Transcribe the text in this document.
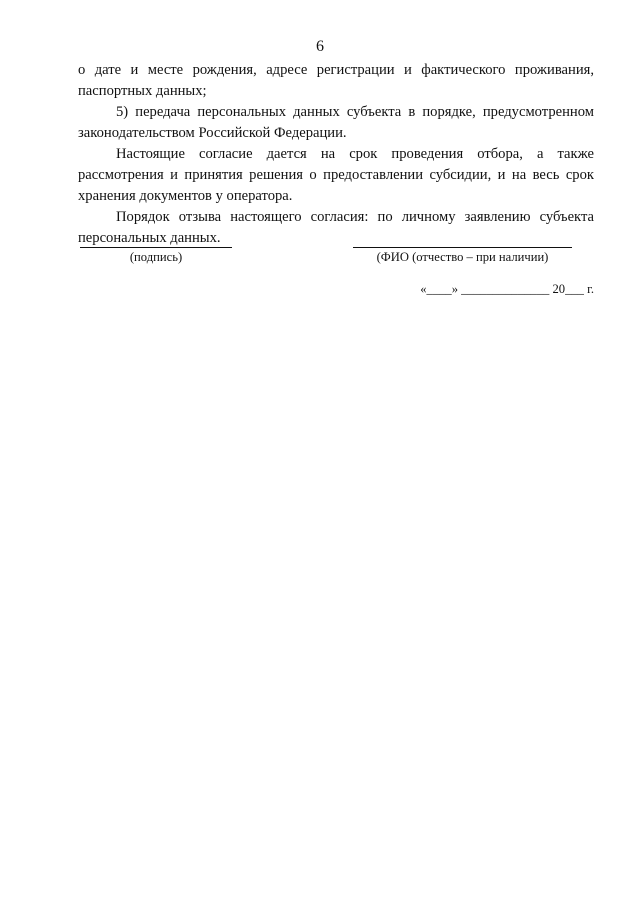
6

о дате и месте рождения, адресе регистрации и фактического проживания, паспортных данных;

5) передача персональных данных субъекта в порядке, предусмотренном законодательством Российской Федерации.

Настоящие согласие дается на срок проведения отбора, а также рассмотрения и принятия решения о предоставлении субсидии, и на весь срок хранения документов у оператора.

Порядок отзыва настоящего согласия: по личному заявлению субъекта персональных данных.

(подпись)	(ФИО (отчество – при наличии)
«____» ______________ 20___ г.
